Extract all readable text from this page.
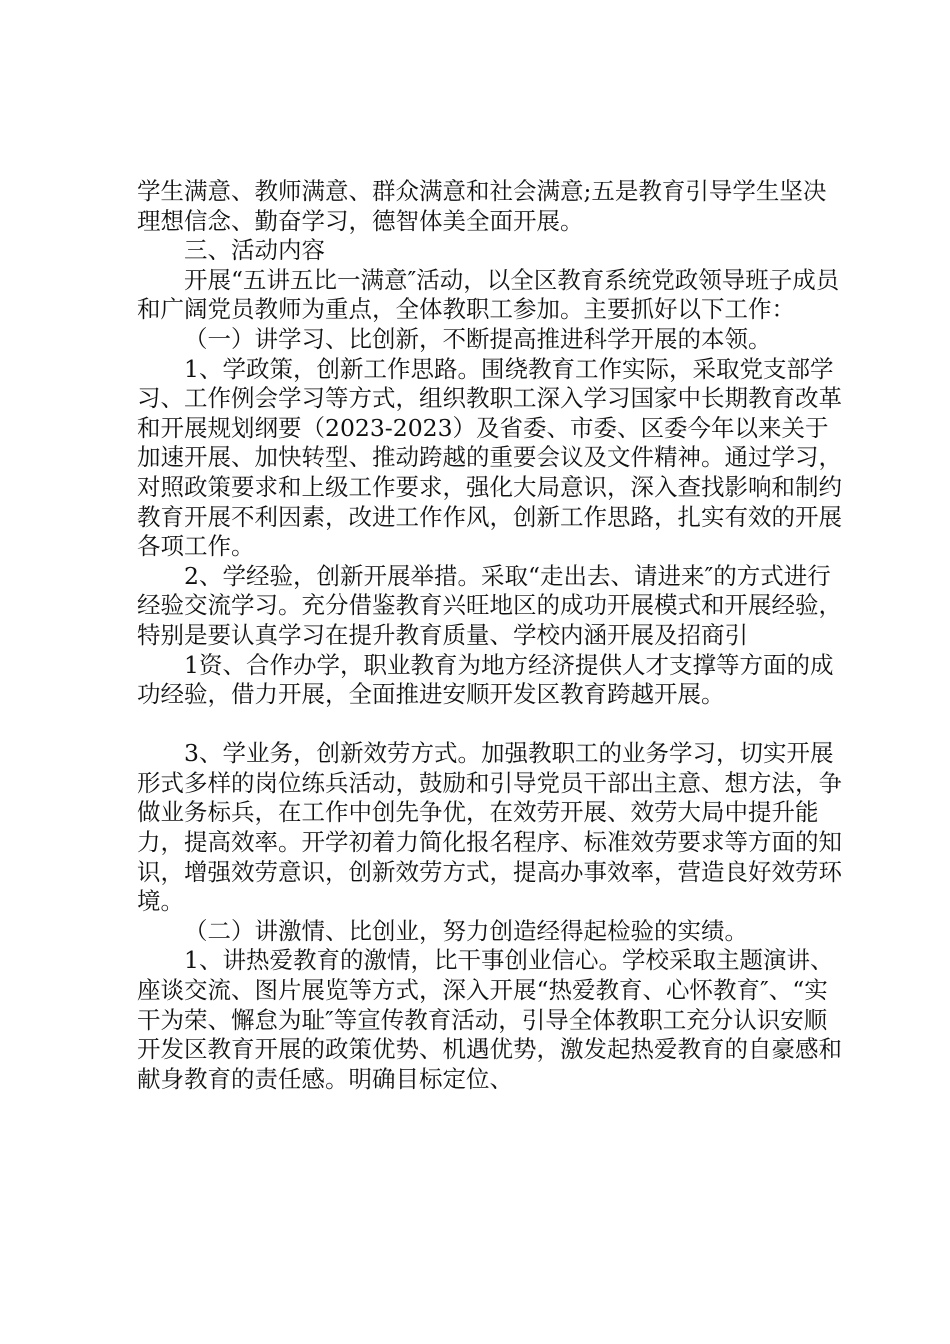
学生满意、教师满意、群众满意和社会满意;五是教育引导学生坚决理想信念、勤奋学习，德智体美全面开展。

三、活动内容

开展“五讲五比一满意″活动，以全区教育系统党政领导班子成员和广阔党员教师为重点，全体教职工参加。主要抓好以下工作：

（一）讲学习、比创新，不断提高推进科学开展的本领。

1、学政策，创新工作思路。围绕教育工作实际，采取党支部学习、工作例会学习等方式，组织教职工深入学习国家中长期教育改革和开展规划纲要（2023-2023）及省委、市委、区委今年以来关于加速开展、加快转型、推动跨越的重要会议及文件精神。通过学习，对照政策要求和上级工作要求，强化大局意识，深入查找影响和制约教育开展不利因素，改进工作作风，创新工作思路，扎实有效的开展各项工作。

2、学经验，创新开展举措。采取“走出去、请进来″的方式进行经验交流学习。充分借鉴教育兴旺地区的成功开展模式和开展经验，特别是要认真学习在提升教育质量、学校内涵开展及招商引

1资、合作办学，职业教育为地方经济提供人才支撑等方面的成功经验，借力开展，全面推进安顺开发区教育跨越开展。

3、学业务，创新效劳方式。加强教职工的业务学习，切实开展形式多样的岗位练兵活动，鼓励和引导党员干部出主意、想方法，争做业务标兵，在工作中创先争优，在效劳开展、效劳大局中提升能力，提高效率。开学初着力简化报名程序、标准效劳要求等方面的知识，增强效劳意识，创新效劳方式，提高办事效率，营造良好效劳环境。

（二）讲激情、比创业，努力创造经得起检验的实绩。

1、讲热爱教育的激情，比干事创业信心。学校采取主题演讲、座谈交流、图片展览等方式，深入开展“热爱教育、心怀教育″、“实干为荣、懈怠为耻″等宣传教育活动，引导全体教职工充分认识安顺开发区教育开展的政策优势、机遇优势，激发起热爱教育的自豪感和献身教育的责任感。明确目标定位、
